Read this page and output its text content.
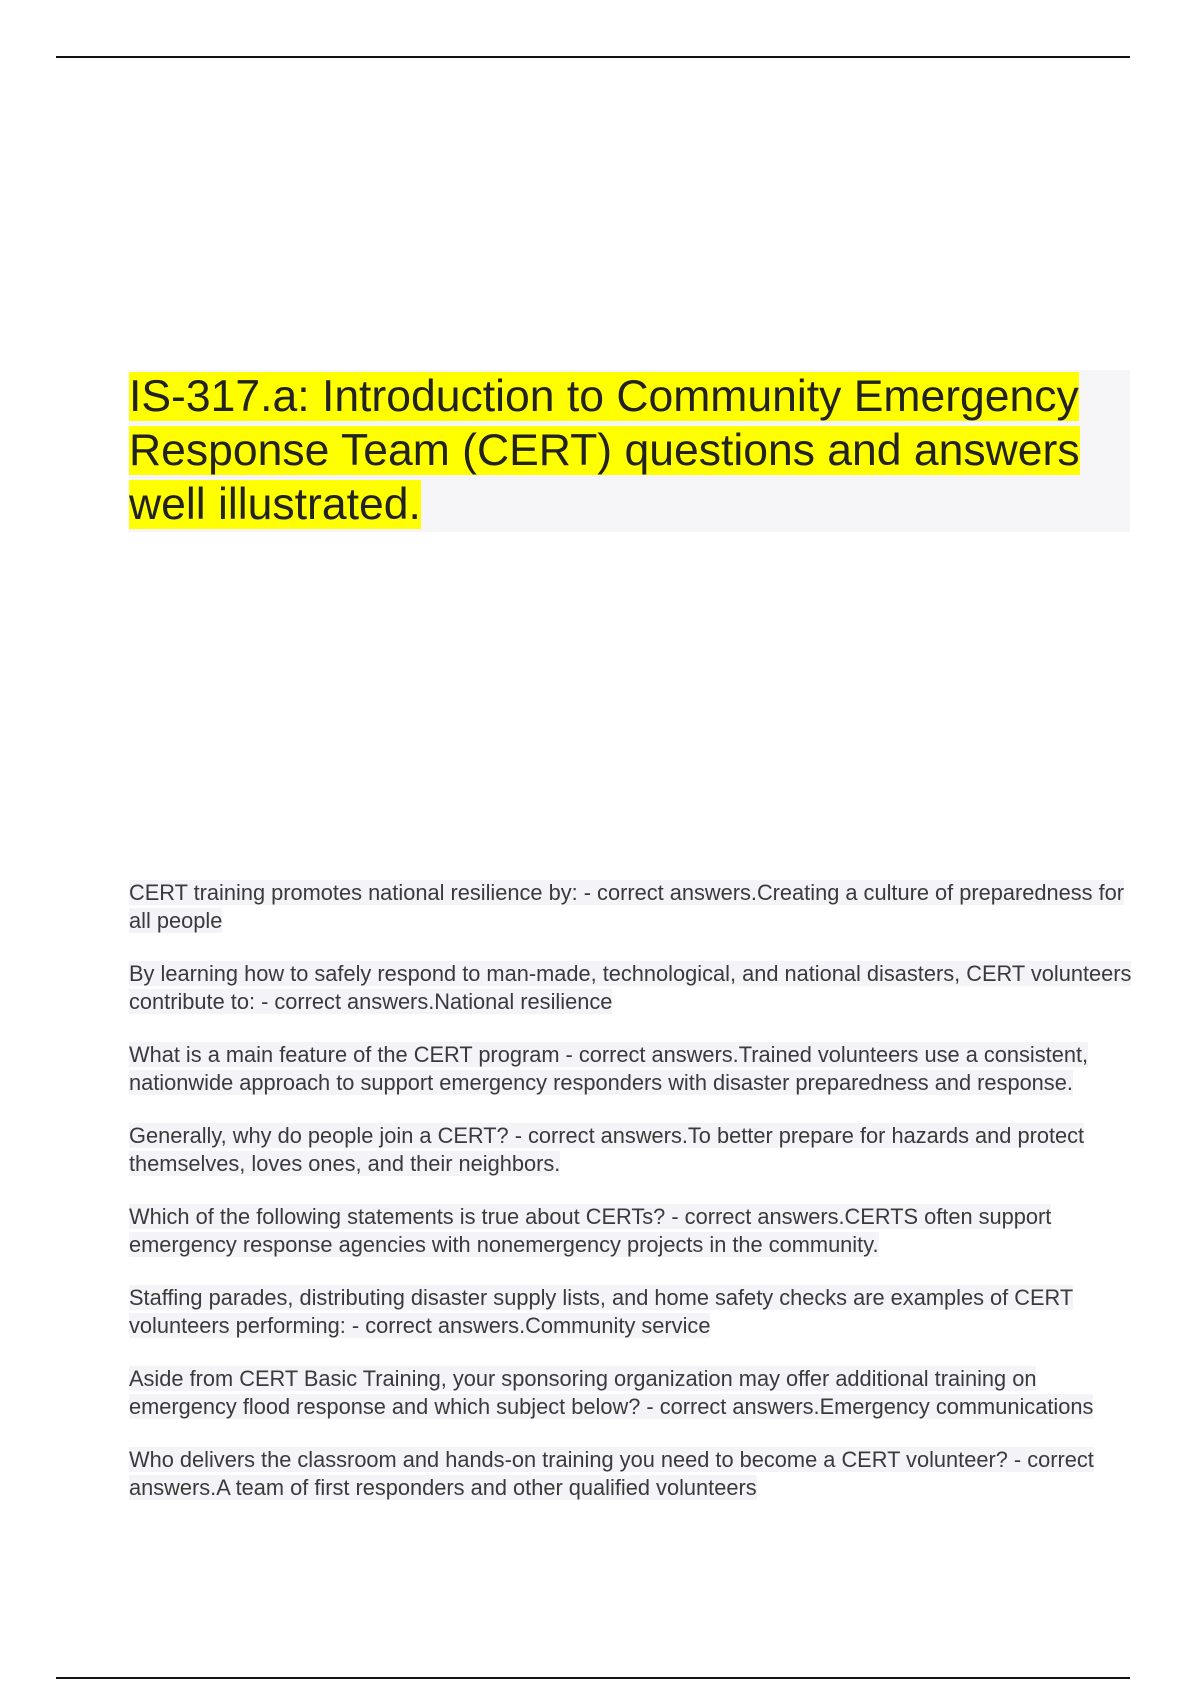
IS-317.a: Introduction to Community Emergency Response Team (CERT) questions and answers well illustrated.

CERT training promotes national resilience by: - correct answers.Creating a culture of preparedness for all people

By learning how to safely respond to man-made, technological, and national disasters, CERT volunteers contribute to: - correct answers.National resilience

What is a main feature of the CERT program - correct answers.Trained volunteers use a consistent, nationwide approach to support emergency responders with disaster preparedness and response.

Generally, why do people join a CERT? - correct answers.To better prepare for hazards and protect themselves, loves ones, and their neighbors.

Which of the following statements is true about CERTs? - correct answers.CERTS often support emergency response agencies with nonemergency projects in the community.

Staffing parades, distributing disaster supply lists, and home safety checks are examples of CERT volunteers performing: - correct answers.Community service

Aside from CERT Basic Training, your sponsoring organization may offer additional training on emergency flood response and which subject below? - correct answers.Emergency communications

Who delivers the classroom and hands-on training you need to become a CERT volunteer? - correct answers.A team of first responders and other qualified volunteers
